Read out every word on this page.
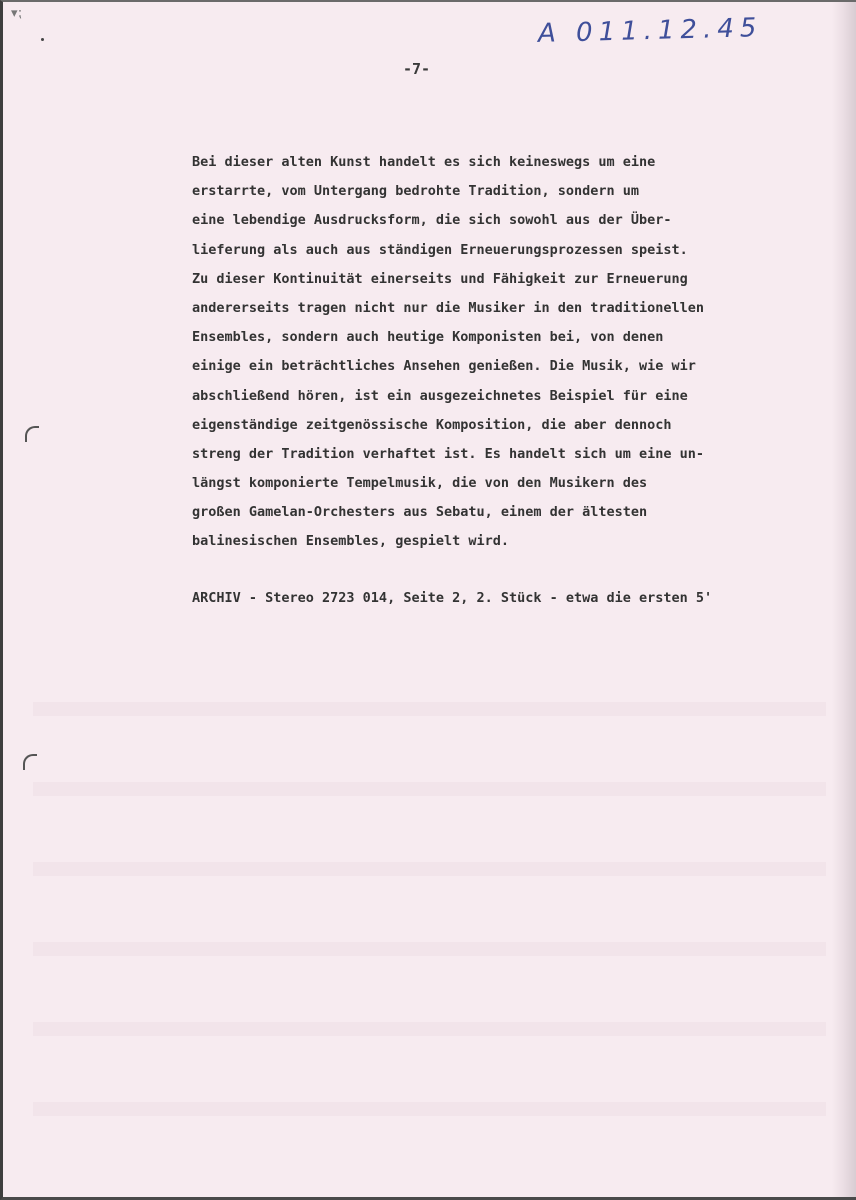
▾⁏	A 011.12.45
-7-
Bei dieser alten Kunst handelt es sich keineswegs um eine
erstarrte, vom Untergang bedrohte Tradition, sondern um
eine lebendige Ausdrucksform, die sich sowohl aus der Über-
lieferung als auch aus ständigen Erneuerungsprozessen speist.
Zu dieser Kontinuität einerseits und Fähigkeit zur Erneuerung
andererseits tragen nicht nur die Musiker in den traditionellen
Ensembles, sondern auch heutige Komponisten bei, von denen
einige ein beträchtliches Ansehen genießen. Die Musik, wie wir
abschließend hören, ist ein ausgezeichnetes Beispiel für eine
eigenständige zeitgenössische Komposition, die aber dennoch
streng der Tradition verhaftet ist. Es handelt sich um eine un-
längst komponierte Tempelmusik, die von den Musikern des
großen Gamelan-Orchesters aus Sebatu, einem der ältesten
balinesischen Ensembles, gespielt wird.
ARCHIV - Stereo 2723 014, Seite 2, 2. Stück - etwa die ersten 5'
